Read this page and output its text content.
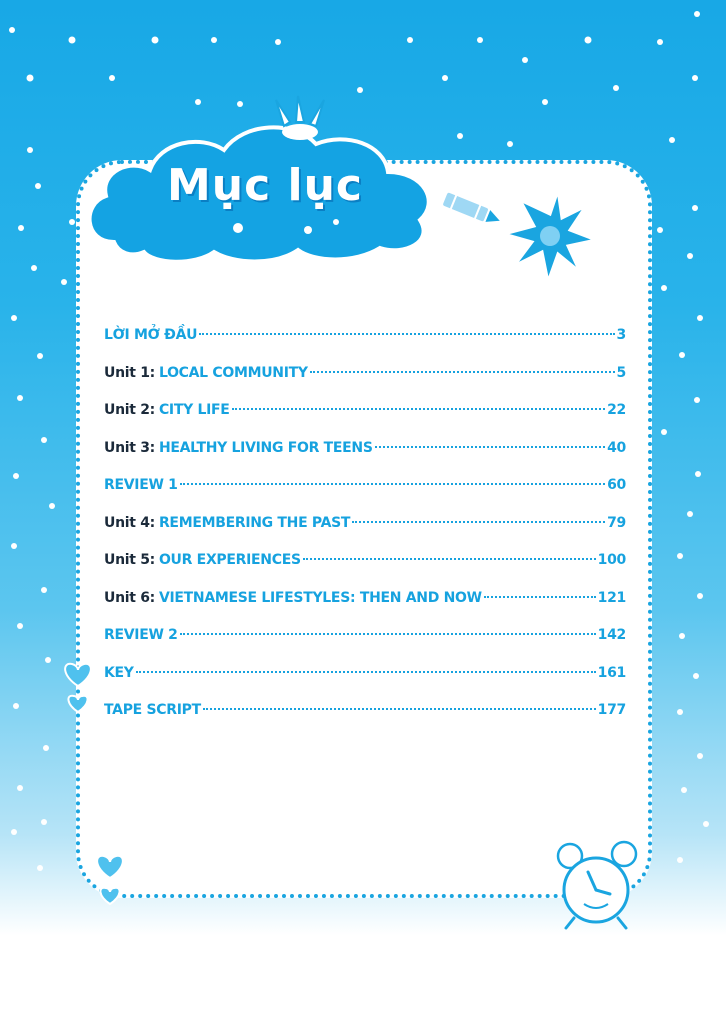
Mục lục
LỜI MỞ ĐẦU	3
Unit 1: LOCAL COMMUNITY	5
Unit 2: CITY LIFE	22
Unit 3: HEALTHY LIVING FOR TEENS	40
REVIEW 1	60
Unit 4: REMEMBERING THE PAST	79
Unit 5: OUR EXPERIENCES	100
Unit 6: VIETNAMESE LIFESTYLES: THEN AND NOW	121
REVIEW 2	142
KEY	161
TAPE SCRIPT	177
